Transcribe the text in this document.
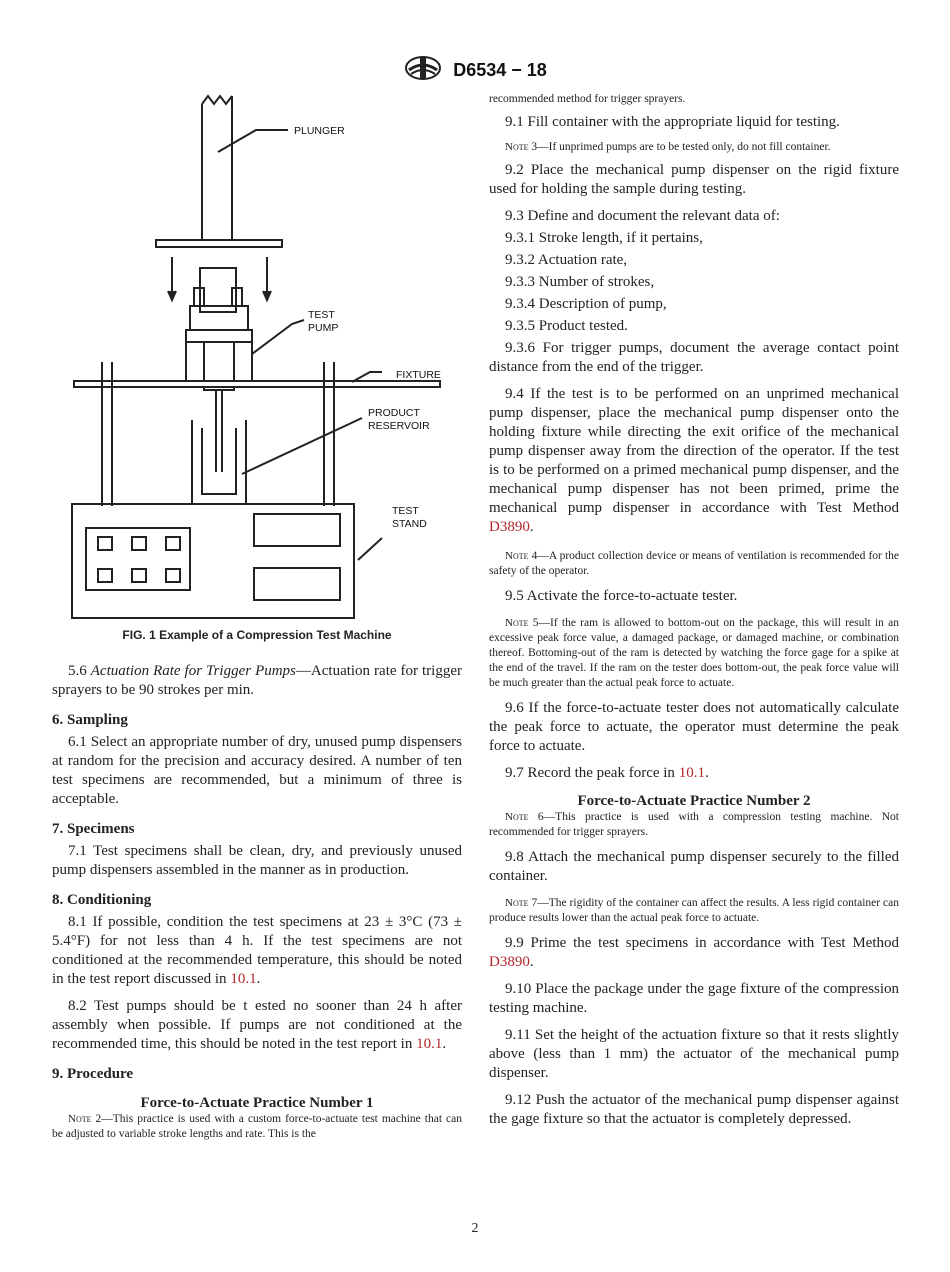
D6534 − 18
PLUNGER
TEST
PUMP
FIXTURE
PRODUCT
RESERVOIR
TEST
STAND
FIG. 1 Example of a Compression Test Machine

5.6 Actuation Rate for Trigger Pumps—Actuation rate for trigger sprayers to be 90 strokes per min.

6. Sampling

6.1 Select an appropriate number of dry, unused pump dispensers at random for the precision and accuracy desired. A number of ten test specimens are recommended, but a minimum of three is acceptable.

7. Specimens

7.1 Test specimens shall be clean, dry, and previously unused pump dispensers assembled in the manner as in production.

8. Conditioning

8.1 If possible, condition the test specimens at 23 ± 3°C (73 ± 5.4°F) for not less than 4 h. If the test specimens are not conditioned at the recommended temperature, this should be noted in the test report discussed in 10.1.

8.2 Test pumps should be t ested no sooner than 24 h after assembly when possible. If pumps are not conditioned at the recommended time, this should be noted in the test report in 10.1.

9. Procedure
Force-to-Actuate Practice Number 1

Note 2—This practice is used with a custom force-to-actuate test machine that can be adjusted to variable stroke lengths and rate. This is the

recommended method for trigger sprayers.

9.1 Fill container with the appropriate liquid for testing.

Note 3—If unprimed pumps are to be tested only, do not fill container.

9.2 Place the mechanical pump dispenser on the rigid fixture used for holding the sample during testing.

9.3 Define and document the relevant data of:

9.3.1 Stroke length, if it pertains,

9.3.2 Actuation rate,

9.3.3 Number of strokes,

9.3.4 Description of pump,

9.3.5 Product tested.

9.3.6 For trigger pumps, document the average contact point distance from the end of the trigger.

9.4 If the test is to be performed on an unprimed mechanical pump dispenser, place the mechanical pump dispenser onto the holding fixture while directing the exit orifice of the mechanical pump dispenser away from the direction of the operator. If the test is to be performed on a primed mechanical pump dispenser, and the mechanical pump dispenser has not been primed, prime the mechanical pump dispenser in accordance with Test Method D3890.

Note 4—A product collection device or means of ventilation is recommended for the safety of the operator.

9.5 Activate the force-to-actuate tester.

Note 5—If the ram is allowed to bottom-out on the package, this will result in an excessive peak force value, a damaged package, or damaged machine, or combination thereof. Bottoming-out of the ram is detected by watching the force gage for a spike at the end of the travel. If the ram on the tester does bottom-out, the peak force value will be much greater than the actual peak force to actuate.

9.6 If the force-to-actuate tester does not automatically calculate the peak force to actuate, the operator must determine the peak force to actuate.

9.7 Record the peak force in 10.1.

Force-to-Actuate Practice Number 2

Note 6—This practice is used with a compression testing machine. Not recommended for trigger sprayers.

9.8 Attach the mechanical pump dispenser securely to the filled container.

Note 7—The rigidity of the container can affect the results. A less rigid container can produce results lower than the actual peak force to actuate.

9.9 Prime the test specimens in accordance with Test Method D3890.

9.10 Place the package under the gage fixture of the compression testing machine.

9.11 Set the height of the actuation fixture so that it rests slightly above (less than 1 mm) the actuator of the mechanical pump dispenser.

9.12 Push the actuator of the mechanical pump dispenser against the gage fixture so that the actuator is completely depressed.

2
